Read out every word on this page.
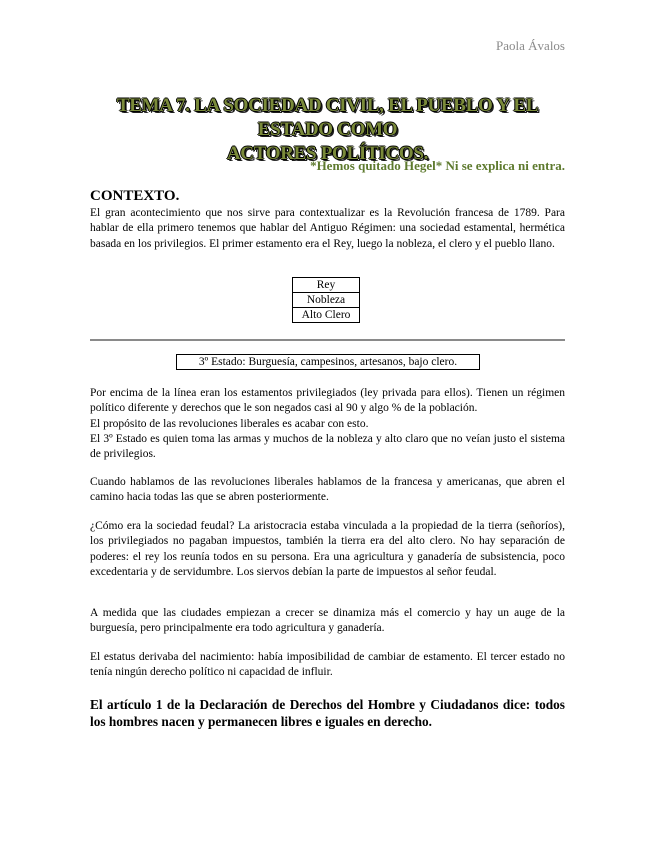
Paola Ávalos
TEMA 7. LA SOCIEDAD CIVIL, EL PUEBLO Y EL ESTADO COMO
ACTORES POLÍTICOS.
*Hemos quitado Hegel* Ni se explica ni entra.
CONTEXTO.

El gran acontecimiento que nos sirve para contextualizar es la Revolución francesa de 1789. Para hablar de ella primero tenemos que hablar del Antiguo Régimen: una sociedad estamental, hermética basada en los privilegios. El primer estamento era el Rey, luego la nobleza, el clero y el pueblo llano.

Rey
Nobleza
Alto Clero
3º Estado: Burguesía, campesinos, artesanos, bajo clero.
Por encima de la línea eran los estamentos privilegiados (ley privada para ellos). Tienen un régimen político diferente y derechos que le son negados casi al 90 y algo % de la población.
El propósito de las revoluciones liberales es acabar con esto.
El 3º Estado es quien toma las armas y muchos de la nobleza y alto claro que no veían justo el sistema de privilegios.

Cuando hablamos de las revoluciones liberales hablamos de la francesa y americanas, que abren el camino hacia todas las que se abren posteriormente.

¿Cómo era la sociedad feudal? La aristocracia estaba vinculada a la propiedad de la tierra (señoríos), los privilegiados no pagaban impuestos, también la tierra era del alto clero. No hay separación de poderes: el rey los reunía todos en su persona. Era una agricultura y ganadería de subsistencia, poco excedentaria y de servidumbre. Los siervos debían la parte de impuestos al señor feudal.

A medida que las ciudades empiezan a crecer se dinamiza más el comercio y hay un auge de la burguesía, pero principalmente era todo agricultura y ganadería.

El estatus derivaba del nacimiento: había imposibilidad de cambiar de estamento. El tercer estado no tenía ningún derecho político ni capacidad de influir.

El artículo 1 de la Declaración de Derechos del Hombre y Ciudadanos dice: todos los hombres nacen y permanecen libres e iguales en derecho.
